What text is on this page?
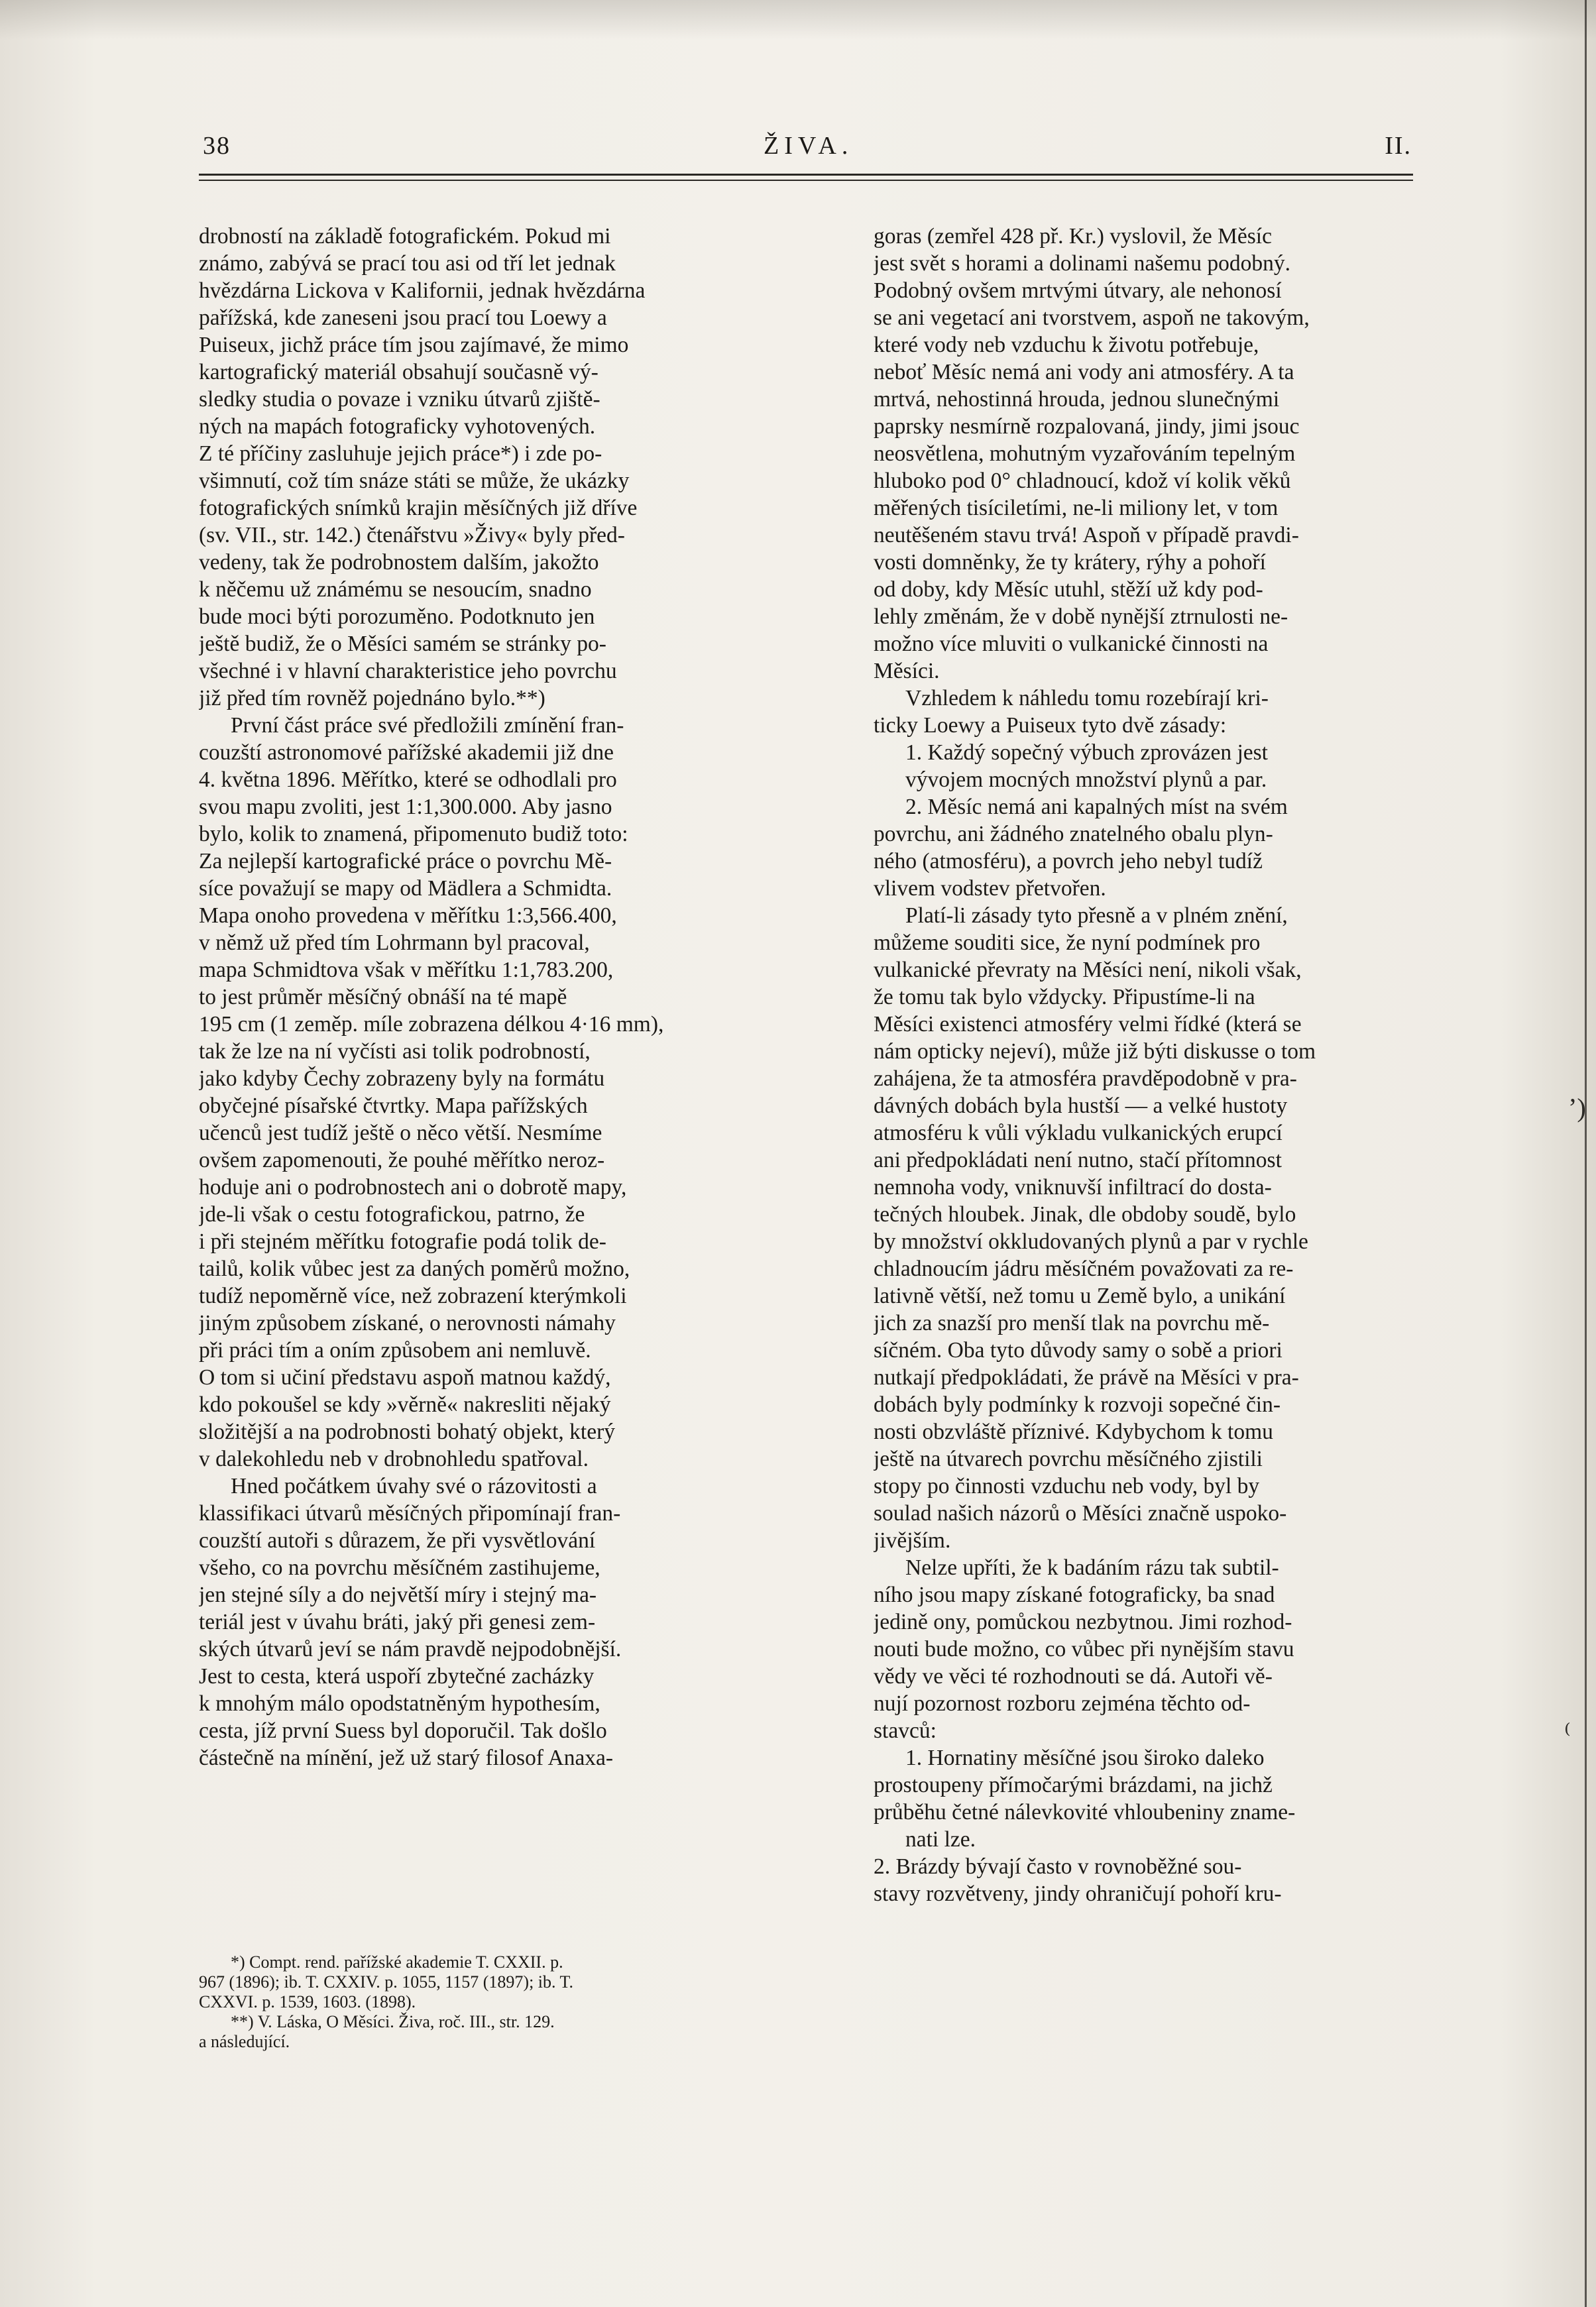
38	ŽIVA.	II.
drobností na základě fotografickém. Pokud mi
známo, zabývá se prací tou asi od tří let jednak
hvězdárna Lickova v Kalifornii, jednak hvězdárna
pařížská, kde zaneseni jsou prací tou Loewy a
Puiseux, jichž práce tím jsou zajímavé, že mimo
kartografický materiál obsahují současně vý-
sledky studia o povaze i vzniku útvarů zjiště-
ných na mapách fotograficky vyhotovených.
Z té příčiny zasluhuje jejich práce*) i zde po-
všimnutí, což tím snáze státi se může, že ukázky
fotografických snímků krajin měsíčných již dříve
(sv. VII., str. 142.) čtenářstvu »Živy« byly před-
vedeny, tak že podrobnostem dalším, jakožto
k něčemu už známému se nesoucím, snadno
bude moci býti porozuměno. Podotknuto jen
ještě budiž, že o Měsíci samém se stránky po-
všechné i v hlavní charakteristice jeho povrchu
již před tím rovněž pojednáno bylo.**)
První část práce své předložili zmínění fran-
couzští astronomové pařížské akademii již dne
4. května 1896. Měřítko, které se odhodlali pro
svou mapu zvoliti, jest 1:1,300.000. Aby jasno
bylo, kolik to znamená, připomenuto budiž toto:
Za nejlepší kartografické práce o povrchu Mě-
síce považují se mapy od Mädlera a Schmidta.
Mapa onoho provedena v měřítku 1:3,566.400,
v němž už před tím Lohrmann byl pracoval,
mapa Schmidtova však v měřítku 1:1,783.200,
to jest průměr měsíčný obnáší na té mapě
195 cm (1 zeměp. míle zobrazena délkou 4·16 mm),
tak že lze na ní vyčísti asi tolik podrobností,
jako kdyby Čechy zobrazeny byly na formátu
obyčejné písařské čtvrtky. Mapa pařížských
učenců jest tudíž ještě o něco větší. Nesmíme
ovšem zapomenouti, že pouhé měřítko neroz-
hoduje ani o podrobnostech ani o dobrotě mapy,
jde-li však o cestu fotografickou, patrno, že
i při stejném měřítku fotografie podá tolik de-
tailů, kolik vůbec jest za daných poměrů možno,
tudíž nepoměrně více, než zobrazení kterýmkoli
jiným způsobem získané, o nerovnosti námahy
při práci tím a oním způsobem ani nemluvě.
O tom si učiní představu aspoň matnou každý,
kdo pokoušel se kdy »věrně« nakresliti nějaký
složitější a na podrobnosti bohatý objekt, který
v dalekohledu neb v drobnohledu spatřoval.
Hned počátkem úvahy své o rázovitosti a
klassifikaci útvarů měsíčných připomínají fran-
couzští autoři s důrazem, že při vysvětlování
všeho, co na povrchu měsíčném zastihujeme,
jen stejné síly a do největší míry i stejný ma-
teriál jest v úvahu bráti, jaký při genesi zem-
ských útvarů jeví se nám pravdě nejpodobnější.
Jest to cesta, která uspoří zbytečné zacházky
k mnohým málo opodstatněným hypothesím,
cesta, jíž první Suess byl doporučil. Tak došlo
částečně na mínění, jež už starý filosof Anaxa-
goras (zemřel 428 př. Kr.) vyslovil, že Měsíc
jest svět s horami a dolinami našemu podobný.
Podobný ovšem mrtvými útvary, ale nehonosí
se ani vegetací ani tvorstvem, aspoň ne takovým,
které vody neb vzduchu k životu potřebuje,
neboť Měsíc nemá ani vody ani atmosféry. A ta
mrtvá, nehostinná hrouda, jednou slunečnými
paprsky nesmírně rozpalovaná, jindy, jimi jsouc
neosvětlena, mohutným vyzařováním tepelným
hluboko pod 0° chladnoucí, kdož ví kolik věků
měřených tisíciletími, ne-li miliony let, v tom
neutěšeném stavu trvá! Aspoň v případě pravdi-
vosti domněnky, že ty krátery, rýhy a pohoří
od doby, kdy Měsíc utuhl, stěží už kdy pod-
lehly změnám, že v době nynější ztrnulosti ne-
možno více mluviti o vulkanické činnosti na
Měsíci.
Vzhledem k náhledu tomu rozebírají kri-
ticky Loewy a Puiseux tyto dvě zásady:
1. Každý sopečný výbuch zprovázen jest
vývojem mocných množství plynů a par.
2. Měsíc nemá ani kapalných míst na svém
povrchu, ani žádného znatelného obalu plyn-
ného (atmosféru), a povrch jeho nebyl tudíž
vlivem vodstev přetvořen.
Platí-li zásady tyto přesně a v plném znění,
můžeme souditi sice, že nyní podmínek pro
vulkanické převraty na Měsíci není, nikoli však,
že tomu tak bylo vždycky. Připustíme-li na
Měsíci existenci atmosféry velmi řídké (která se
nám opticky nejeví), může již býti diskusse o tom
zahájena, že ta atmosféra pravděpodobně v pra-
dávných dobách byla hustší — a velké hustoty
atmosféru k vůli výkladu vulkanických erupcí
ani předpokládati není nutno, stačí přítomnost
nemnoha vody, vniknuvší infiltrací do dosta-
tečných hloubek. Jinak, dle obdoby soudě, bylo
by množství okkludovaných plynů a par v rychle
chladnoucím jádru měsíčném považovati za re-
lativně větší, než tomu u Země bylo, a unikání
jich za snazší pro menší tlak na povrchu mě-
síčném. Oba tyto důvody samy o sobě a priori
nutkají předpokládati, že právě na Měsíci v pra-
dobách byly podmínky k rozvoji sopečné čin-
nosti obzvláště příznivé. Kdybychom k tomu
ještě na útvarech povrchu měsíčného zjistili
stopy po činnosti vzduchu neb vody, byl by
soulad našich názorů o Měsíci značně uspoko-
jivějším.
Nelze upříti, že k badáním rázu tak subtil-
ního jsou mapy získané fotograficky, ba snad
jedině ony, pomůckou nezbytnou. Jimi rozhod-
nouti bude možno, co vůbec při nynějším stavu
vědy ve věci té rozhodnouti se dá. Autoři vě-
nují pozornost rozboru zejména těchto od-
stavců:
1. Hornatiny měsíčné jsou široko daleko
prostoupeny přímočarými brázdami, na jichž
průběhu četné nálevkovité vhloubeniny zname-
nati lze.
2. Brázdy bývají často v rovnoběžné sou-
stavy rozvětveny, jindy ohraničují pohoří kru-
*) Compt. rend. pařížské akademie T. CXXII. p.
967 (1896); ib. T. CXXIV. p. 1055, 1157 (1897); ib. T.
CXXVI. p. 1539, 1603. (1898).
**) V. Láska, O Měsíci. Živa, roč. III., str. 129.
a následující.
ʼ)
⁽
